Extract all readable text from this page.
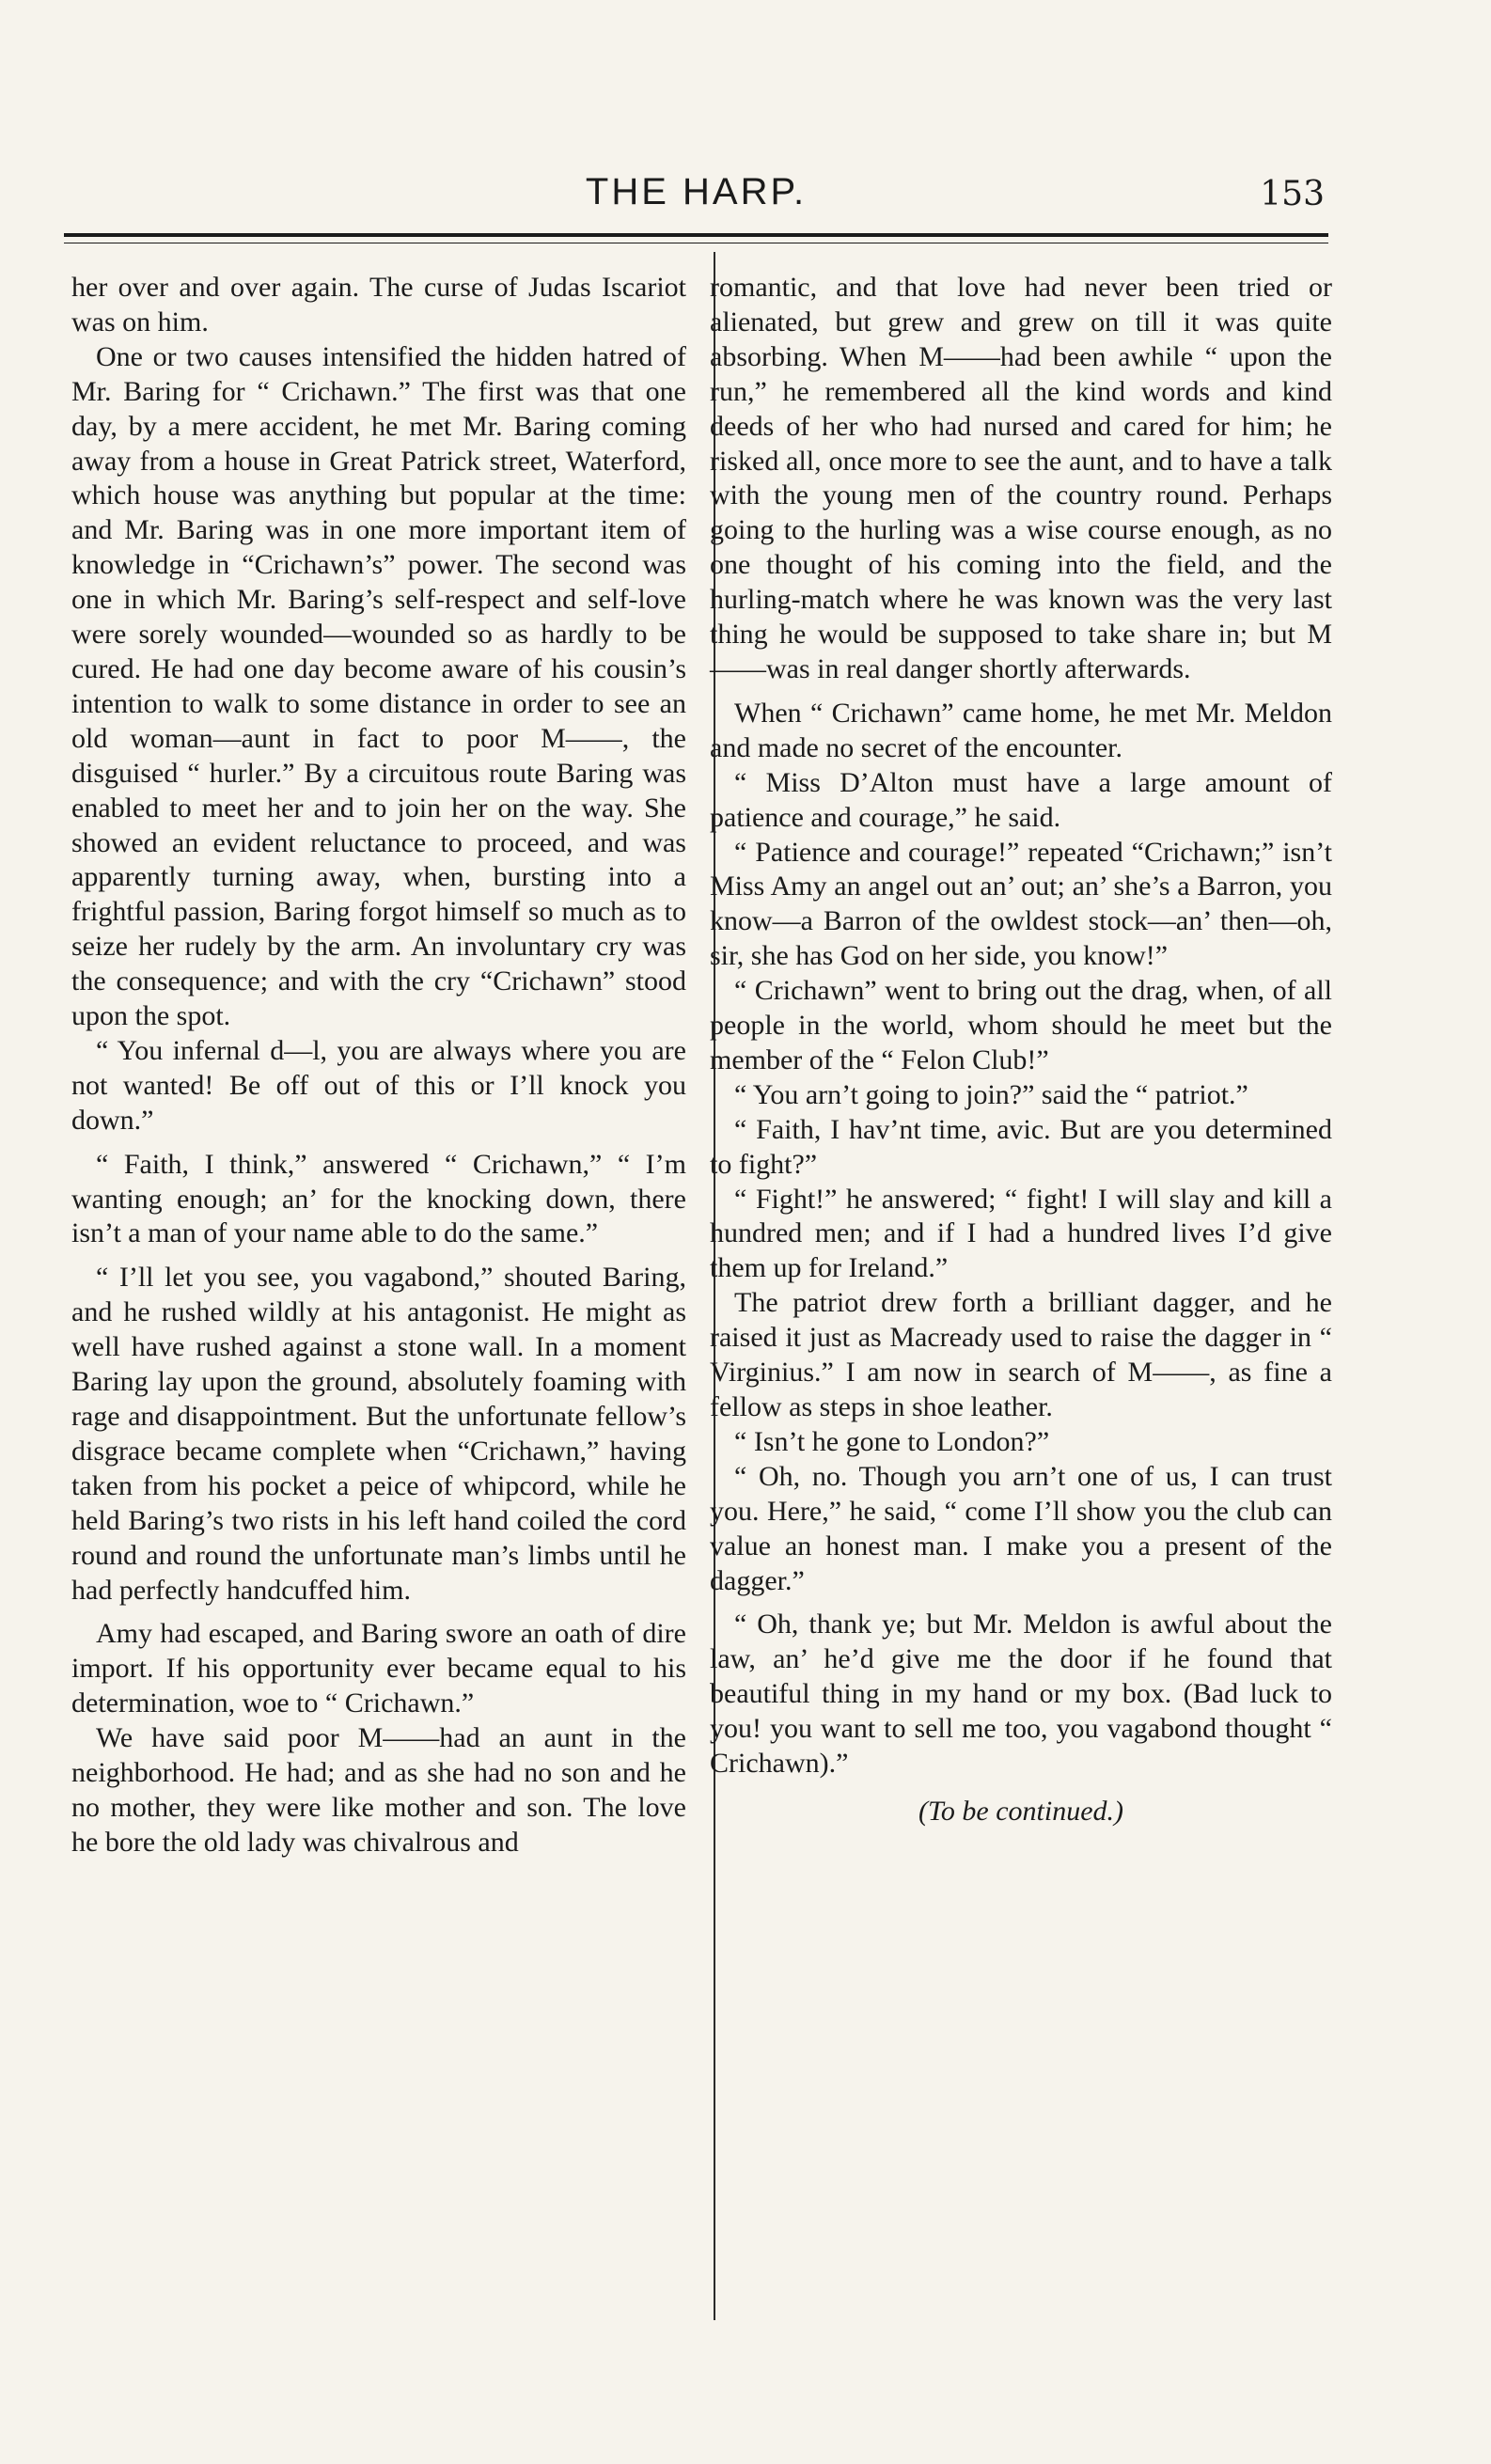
THE HARP.	153

her over and over again. The curse of Judas Iscariot was on him.

One or two causes intensified the hidden hatred of Mr. Baring for “ Crichawn.” The first was that one day, by a mere accident, he met Mr. Baring coming away from a house in Great Patrick street, Waterford, which house was anything but popular at the time: and Mr. Baring was in one more important item of knowledge in “Crichawn’s” power. The second was one in which Mr. Baring’s self-respect and self-love were sorely wounded—wounded so as hardly to be cured. He had one day become aware of his cousin’s intention to walk to some distance in order to see an old woman—aunt in fact to poor M——, the disguised “ hurler.” By a circuitous route Baring was enabled to meet her and to join her on the way. She showed an evident reluctance to proceed, and was apparently turning away, when, bursting into a frightful passion, Baring forgot himself so much as to seize her rudely by the arm. An involuntary cry was the consequence; and with the cry “Crichawn” stood upon the spot.

“ You infernal d—l, you are always where you are not wanted! Be off out of this or I’ll knock you down.”

“ Faith, I think,” answered “ Crichawn,” “ I’m wanting enough; an’ for the knocking down, there isn’t a man of your name able to do the same.”

“ I’ll let you see, you vagabond,” shouted Baring, and he rushed wildly at his antagonist. He might as well have rushed against a stone wall. In a moment Baring lay upon the ground, absolutely foaming with rage and disappointment. But the unfortunate fellow’s disgrace became complete when “Crichawn,” having taken from his pocket a peice of whipcord, while he held Baring’s two rists in his left hand coiled the cord round and round the unfortunate man’s limbs until he had perfectly handcuffed him.

Amy had escaped, and Baring swore an oath of dire import. If his opportunity ever became equal to his determination, woe to “ Crichawn.”

We have said poor M——had an aunt in the neighborhood. He had; and as she had no son and he no mother, they were like mother and son. The love he bore the old lady was chivalrous and

romantic, and that love had never been tried or alienated, but grew and grew on till it was quite absorbing. When M——had been awhile “ upon the run,” he remembered all the kind words and kind deeds of her who had nursed and cared for him; he risked all, once more to see the aunt, and to have a talk with the young men of the country round. Perhaps going to the hurling was a wise course enough, as no one thought of his coming into the field, and the hurling-match where he was known was the very last thing he would be supposed to take share in; but M——was in real danger shortly afterwards.

When “ Crichawn” came home, he met Mr. Meldon and made no secret of the encounter.

“ Miss D’Alton must have a large amount of patience and courage,” he said.

“ Patience and courage!” repeated “Crichawn;” isn’t Miss Amy an angel out an’ out; an’ she’s a Barron, you know—a Barron of the owldest stock—an’ then—oh, sir, she has God on her side, you know!”

“ Crichawn” went to bring out the drag, when, of all people in the world, whom should he meet but the member of the “ Felon Club!”

“ You arn’t going to join?” said the “ patriot.”

“ Faith, I hav’nt time, avic. But are you determined to fight?”

“ Fight!” he answered; “ fight! I will slay and kill a hundred men; and if I had a hundred lives I’d give them up for Ireland.”

The patriot drew forth a brilliant dagger, and he raised it just as Macready used to raise the dagger in “ Virginius.” I am now in search of M——, as fine a fellow as steps in shoe leather.

“ Isn’t he gone to London?”

“ Oh, no. Though you arn’t one of us, I can trust you. Here,” he said, “ come I’ll show you the club can value an honest man. I make you a present of the dagger.”

“ Oh, thank ye; but Mr. Meldon is awful about the law, an’ he’d give me the door if he found that beautiful thing in my hand or my box. (Bad luck to you! you want to sell me too, you vagabond thought “ Crichawn).”

(To be continued.)
